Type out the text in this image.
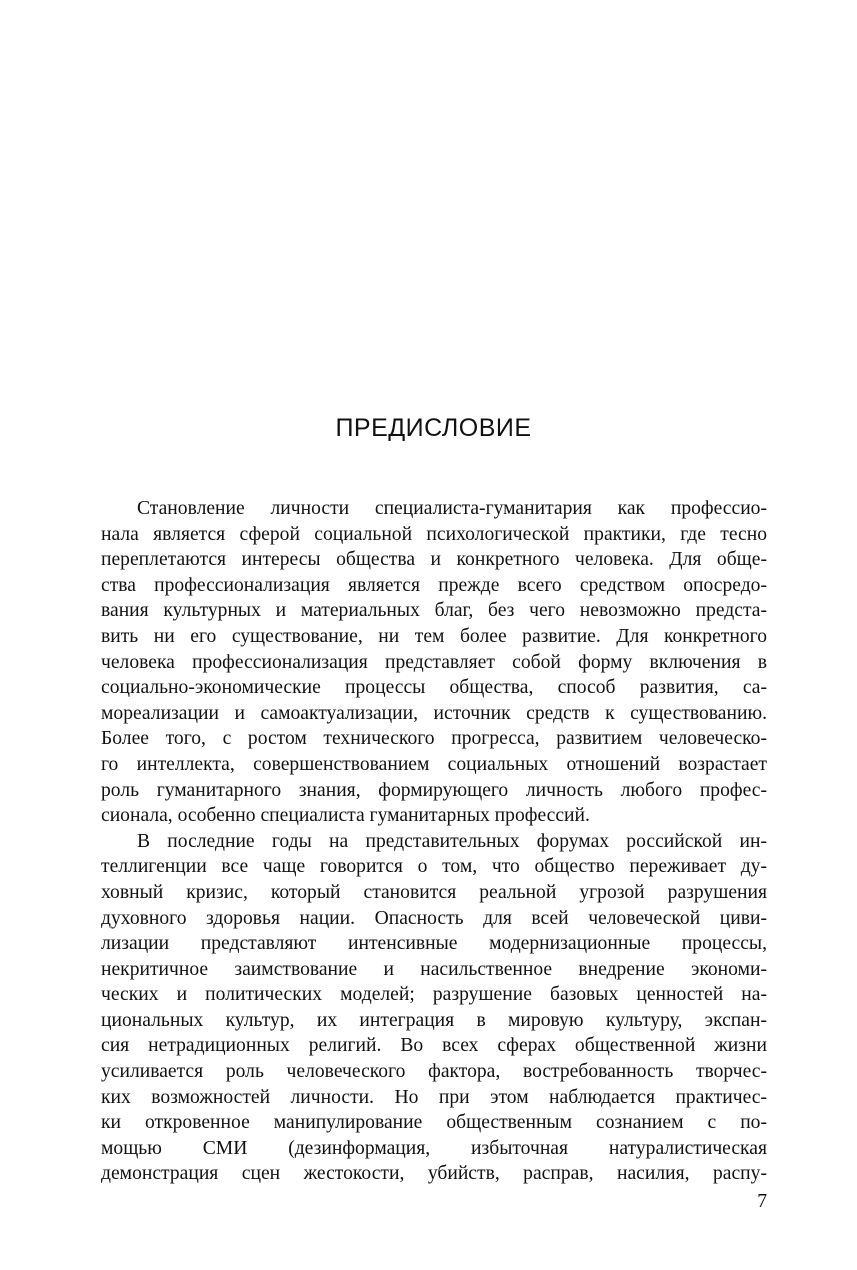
ПРЕДИСЛОВИЕ
Становление личности специалиста-гуманитария как профессио-
нала является сферой социальной психологической практики, где тесно
переплетаются интересы общества и конкретного человека. Для обще-
ства профессионализация является прежде всего средством опосредо-
вания культурных и материальных благ, без чего невозможно предста-
вить ни его существование, ни тем более развитие. Для конкретного
человека профессионализация представляет собой форму включения в
социально-экономические процессы общества, способ развития, са-
мореализации и самоактуализации, источник средств к существованию.
Более того, с ростом технического прогресса, развитием человеческо-
го интеллекта, совершенствованием социальных отношений возрастает
роль гуманитарного знания, формирующего личность любого профес-
сионала, особенно специалиста гуманитарных профессий.
В последние годы на представительных форумах российской ин-
теллигенции все чаще говорится о том, что общество переживает ду-
ховный кризис, который становится реальной угрозой разрушения
духовного здоровья нации. Опасность для всей человеческой циви-
лизации представляют интенсивные модернизационные процессы,
некритичное заимствование и насильственное внедрение экономи-
ческих и политических моделей; разрушение базовых ценностей на-
циональных культур, их интеграция в мировую культуру, экспан-
сия нетрадиционных религий. Во всех сферах общественной жизни
усиливается роль человеческого фактора, востребованность творчес-
ких возможностей личности. Но при этом наблюдается практичес-
ки откровенное манипулирование общественным сознанием с по-
мощью СМИ (дезинформация, избыточная натуралистическая
демонстрация сцен жестокости, убийств, расправ, насилия, распу-
7
